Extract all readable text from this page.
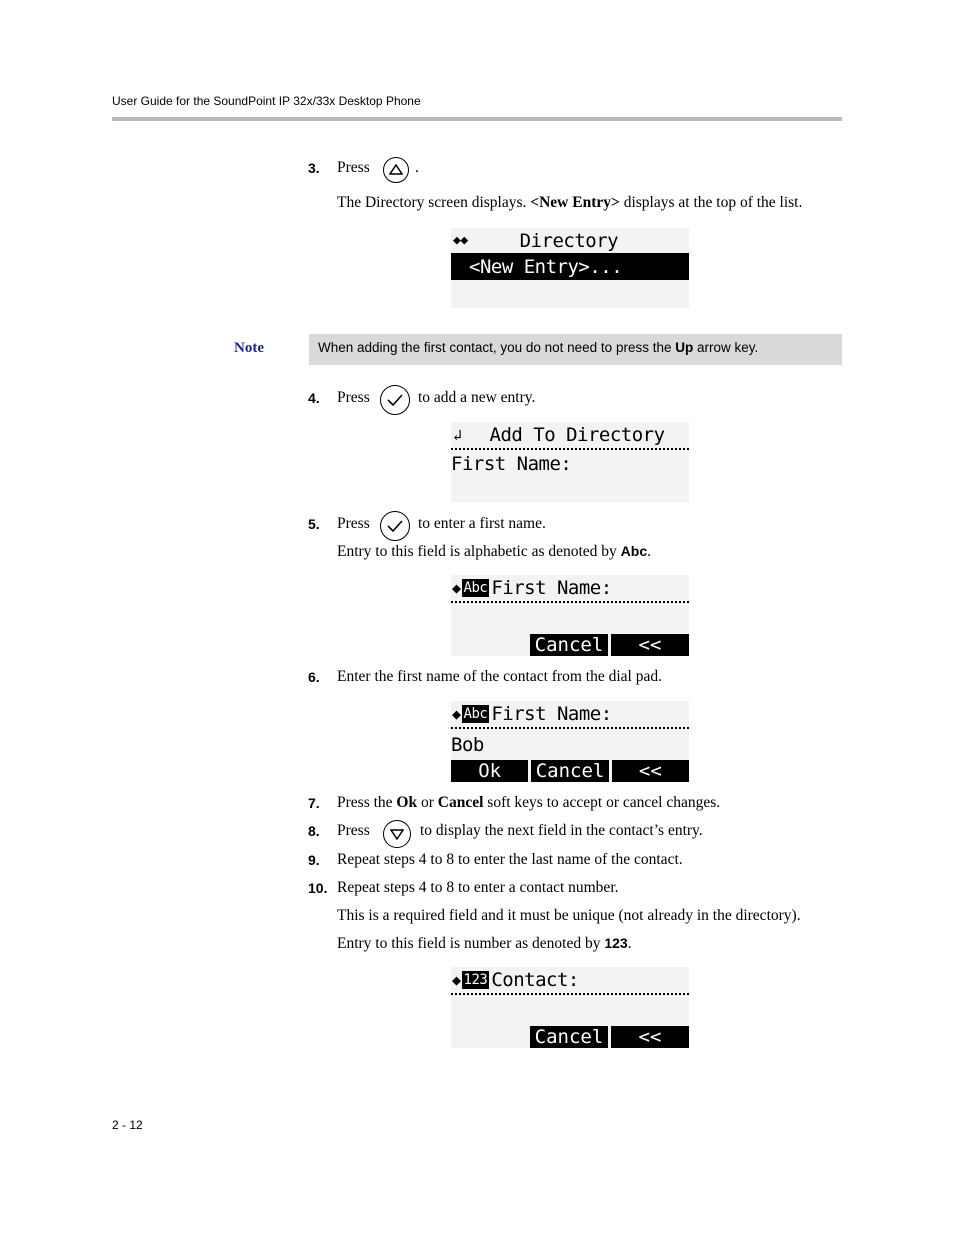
User Guide for the SoundPoint IP 32x/33x Desktop Phone
3. Press	.
The Directory screen displays. <New Entry> displays at the top of the list.
◆◆	Directory
<New Entry>...
Note	When adding the first contact, you do not need to press the Up arrow key.
4. Press	to add a new entry.
↲ Add To Directory
First Name:
5. Press	to enter a first name.
Entry to this field is alphabetic as denoted by Abc.
◆ Abc First Name:
Cancel	<<
6. Enter the first name of the contact from the dial pad.
◆ Abc First Name:
Bob
Ok	Cancel	<<
7. Press the Ok or Cancel soft keys to accept or cancel changes.
8. Press	to display the next field in the contact’s entry.
9. Repeat steps 4 to 8 to enter the last name of the contact.
10. Repeat steps 4 to 8 to enter a contact number.
This is a required field and it must be unique (not already in the directory).
Entry to this field is number as denoted by 123.
◆ 123 Contact:
Cancel	<<
2 - 12
